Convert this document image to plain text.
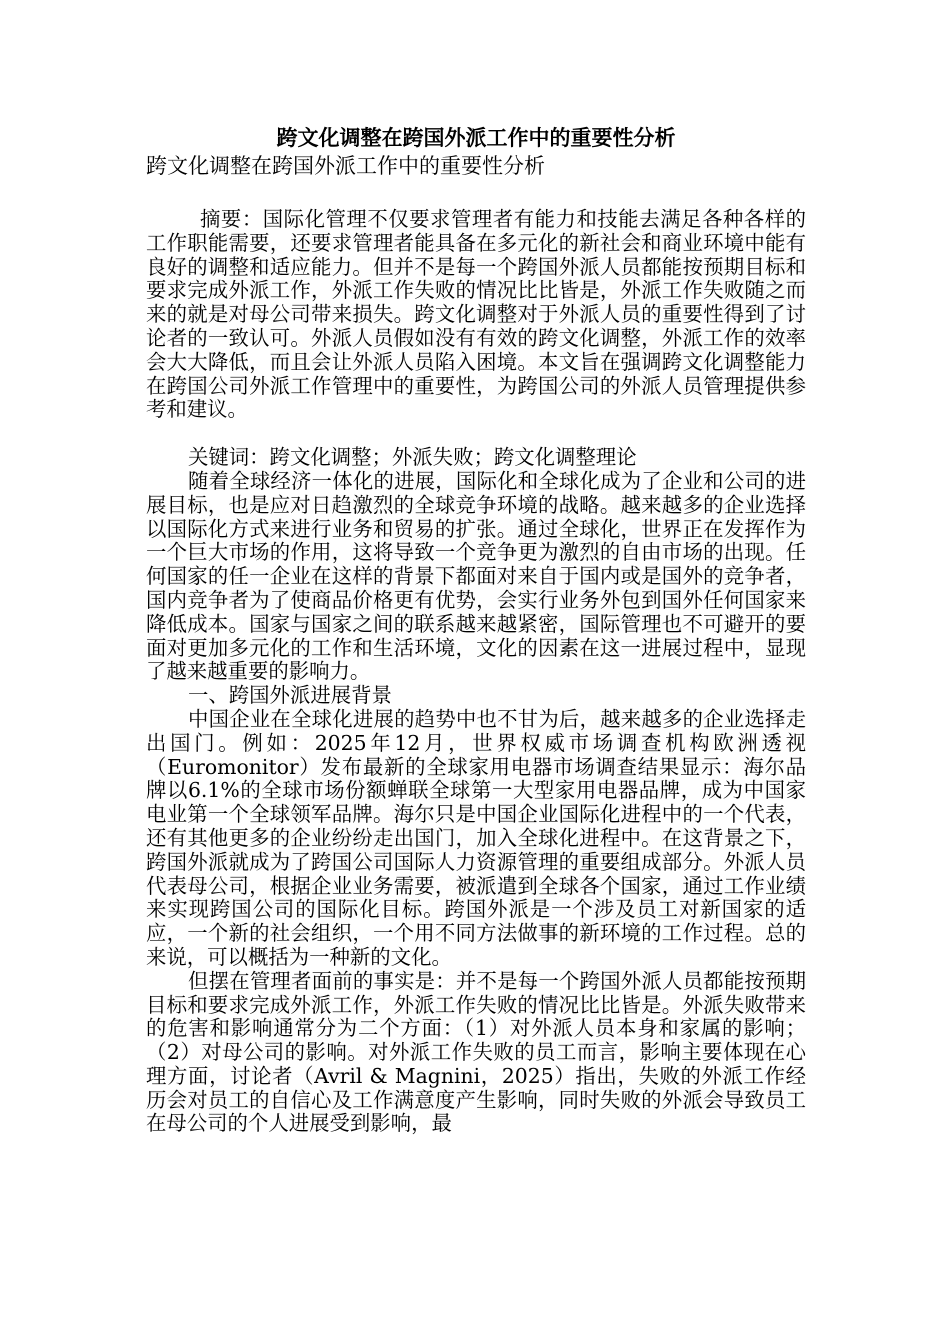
跨文化调整在跨国外派工作中的重要性分析
跨文化调整在跨国外派工作中的重要性分析

摘要：国际化管理不仅要求管理者有能力和技能去满足各种各样的工作职能需要，还要求管理者能具备在多元化的新社会和商业环境中能有良好的调整和适应能力。但并不是每一个跨国外派人员都能按预期目标和要求完成外派工作，外派工作失败的情况比比皆是，外派工作失败随之而来的就是对母公司带来损失。跨文化调整对于外派人员的重要性得到了讨论者的一致认可。外派人员假如没有有效的跨文化调整，外派工作的效率会大大降低，而且会让外派人员陷入困境。本文旨在强调跨文化调整能力在跨国公司外派工作管理中的重要性，为跨国公司的外派人员管理提供参考和建议。

关键词：跨文化调整；外派失败；跨文化调整理论

随着全球经济一体化的进展，国际化和全球化成为了企业和公司的进展目标，也是应对日趋激烈的全球竞争环境的战略。越来越多的企业选择以国际化方式来进行业务和贸易的扩张。通过全球化，世界正在发挥作为一个巨大市场的作用，这将导致一个竞争更为激烈的自由市场的出现。任何国家的任一企业在这样的背景下都面对来自于国内或是国外的竞争者，国内竞争者为了使商品价格更有优势，会实行业务外包到国外任何国家来降低成本。国家与国家之间的联系越来越紧密，国际管理也不可避开的要面对更加多元化的工作和生活环境，文化的因素在这一进展过程中，显现了越来越重要的影响力。

一、跨国外派进展背景

中国企业在全球化进展的趋势中也不甘为后，越来越多的企业选择走出国门。例如：2025年12月，世界权威市场调查机构欧洲透视（Euromonitor）发布最新的全球家用电器市场调查结果显示：海尔品牌以6.1%的全球市场份额蝉联全球第一大型家用电器品牌，成为中国家电业第一个全球领军品牌。海尔只是中国企业国际化进程中的一个代表，还有其他更多的企业纷纷走出国门，加入全球化进程中。在这背景之下，跨国外派就成为了跨国公司国际人力资源管理的重要组成部分。外派人员代表母公司，根据企业业务需要，被派遣到全球各个国家，通过工作业绩来实现跨国公司的国际化目标。跨国外派是一个涉及员工对新国家的适应，一个新的社会组织，一个用不同方法做事的新环境的工作过程。总的来说，可以概括为一种新的文化。

但摆在管理者面前的事实是：并不是每一个跨国外派人员都能按预期目标和要求完成外派工作，外派工作失败的情况比比皆是。外派失败带来的危害和影响通常分为二个方面：（1）对外派人员本身和家属的影响；（2）对母公司的影响。对外派工作失败的员工而言，影响主要体现在心理方面，讨论者（Avril & Magnini，2025）指出，失败的外派工作经历会对员工的自信心及工作满意度产生影响，同时失败的外派会导致员工在母公司的个人进展受到影响，最
